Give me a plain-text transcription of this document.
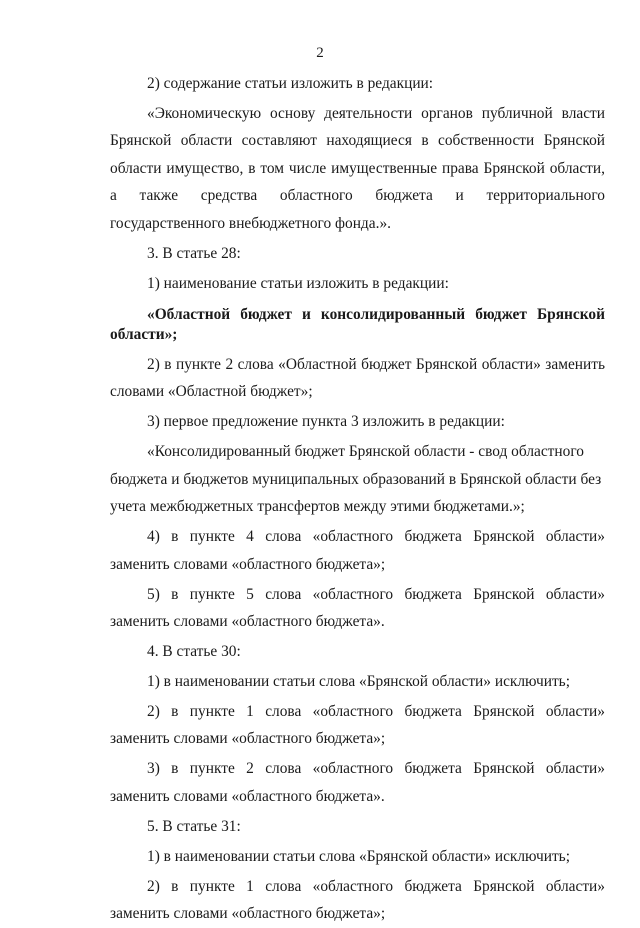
2

2) содержание статьи изложить в редакции:

«Экономическую основу деятельности органов публичной власти Брянской области составляют находящиеся в собственности Брянской области имущество, в том числе имущественные права Брянской области, а также средства областного бюджета и территориального государственного внебюджетного фонда.».

3. В статье 28:

1) наименование статьи изложить в редакции:

«Областной бюджет и консолидированный бюджет Брянской области»;

2) в пункте 2 слова «Областной бюджет Брянской области» заменить словами «Областной бюджет»;

3) первое предложение пункта 3 изложить в редакции:

«Консолидированный бюджет Брянской области - свод областного бюджета и бюджетов муниципальных образований в Брянской области без учета межбюджетных трансфертов между этими бюджетами.»;

4) в пункте 4 слова «областного бюджета Брянской области» заменить словами «областного бюджета»;

5) в пункте 5 слова «областного бюджета Брянской области» заменить словами «областного бюджета».

4. В статье 30:

1) в наименовании статьи слова «Брянской области» исключить;

2) в пункте 1 слова «областного бюджета Брянской области» заменить словами «областного бюджета»;

3) в пункте 2 слова «областного бюджета Брянской области» заменить словами «областного бюджета».

5. В статье 31:

1) в наименовании статьи слова «Брянской области» исключить;

2) в пункте 1 слова «областного бюджета Брянской области» заменить словами «областного бюджета»;
